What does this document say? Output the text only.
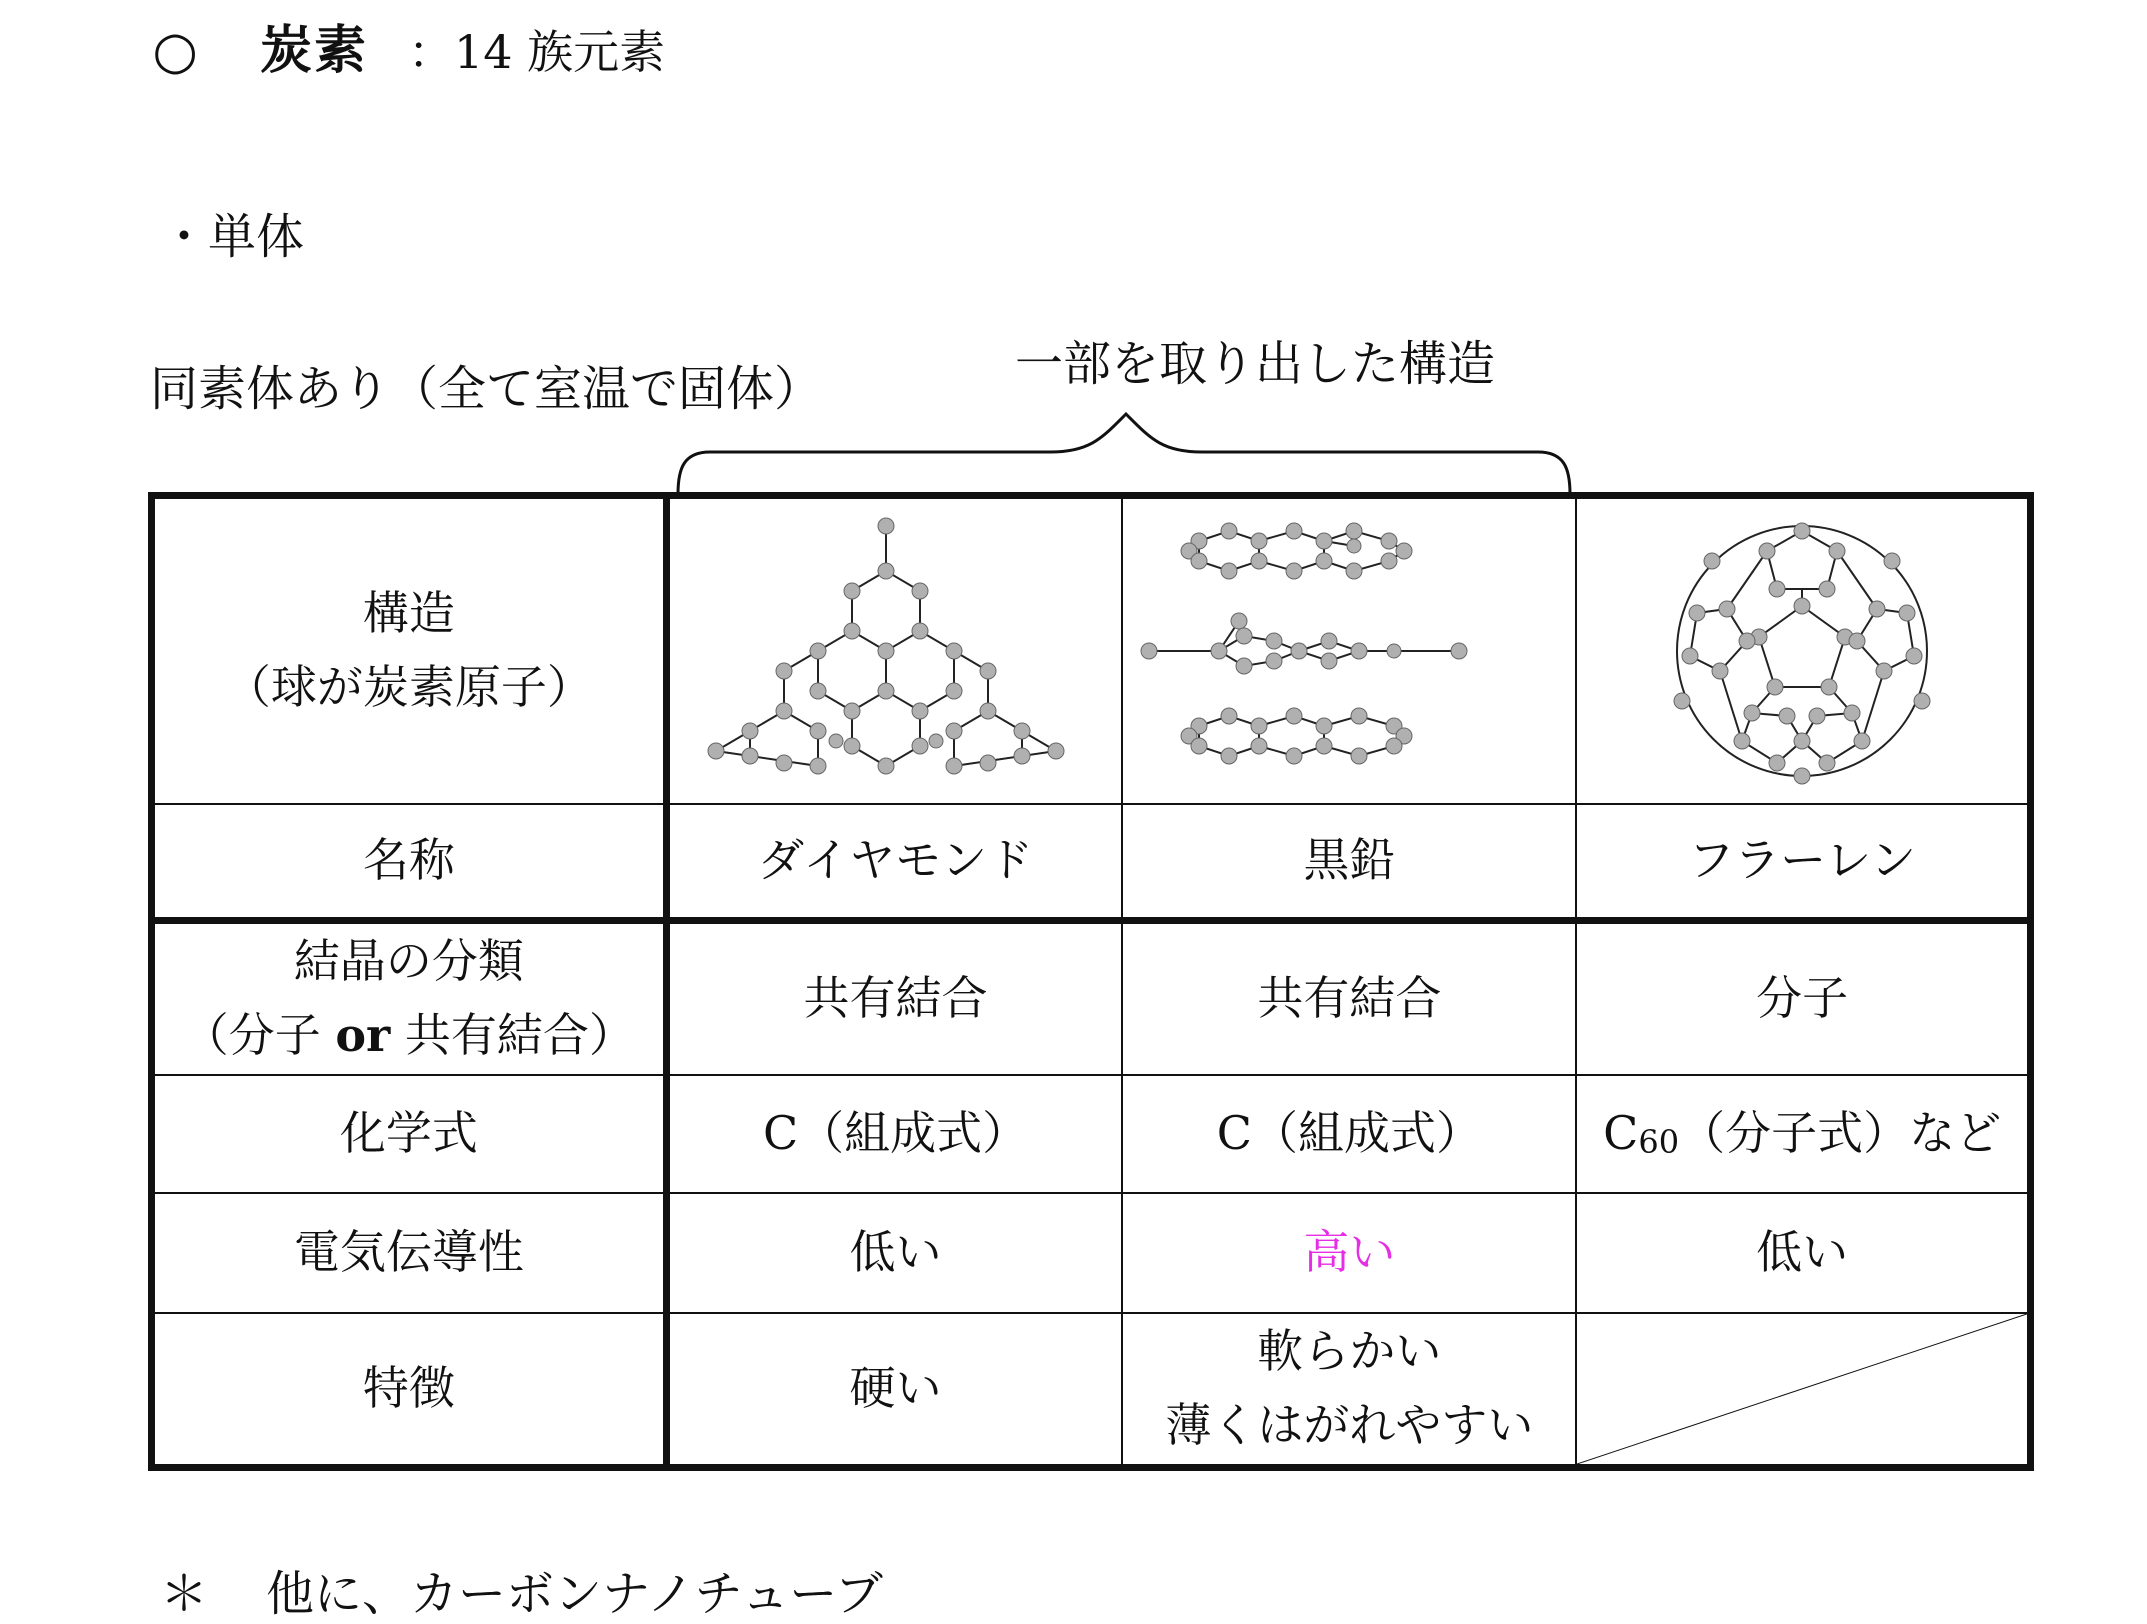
○ 炭素 ：14 族元素
・単体
同素体あり（全て室温で固体）	一部を取り出した構造
構造
（球が炭素原子）

名称	ダイヤモンド	黒鉛	フラーレン

結晶の分類
（分子 or 共有結合）	共有結合	共有結合	分子
化学式	C（組成式）	C（組成式）	C60（分子式）など
電気伝導性	低い	高い	低い
特徴	硬い	軟らかい
薄くはがれやすい

＊ 他に、カーボンナノチューブ
